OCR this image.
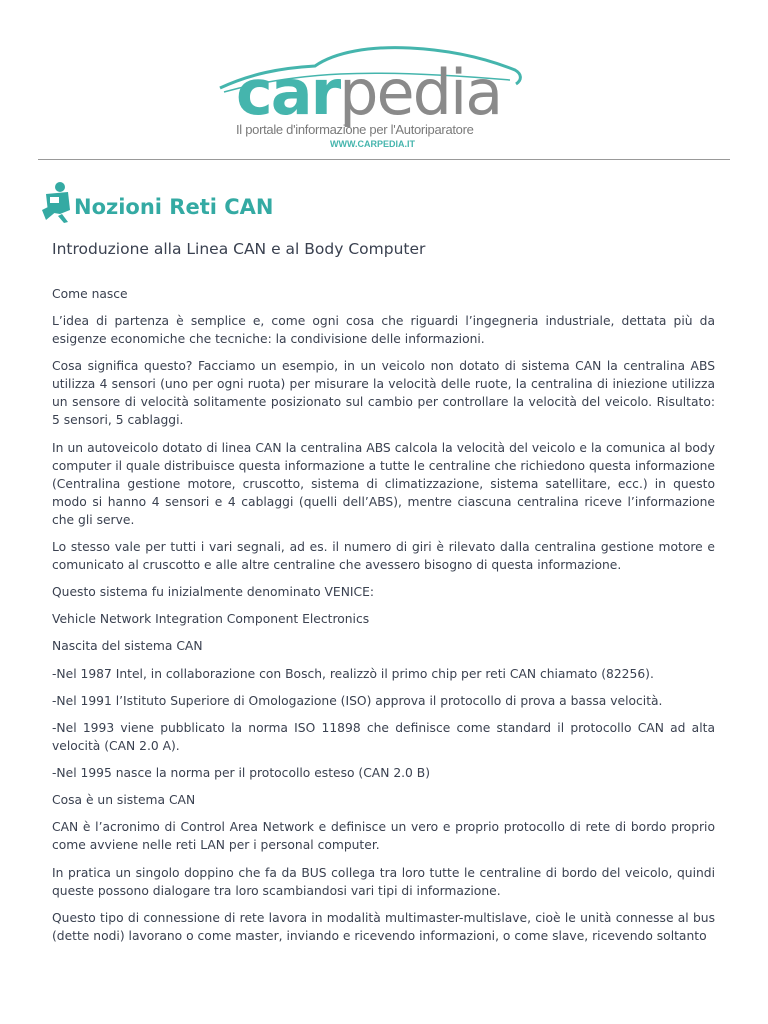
carpedia
Il portale d'informazione per l'Autoriparatore
WWW.CARPEDIA.IT
Nozioni Reti CAN
Introduzione alla Linea CAN e al Body Computer

Come nasce

L’idea di partenza è semplice e, come ogni cosa che riguardi l’ingegneria industriale, dettata più da esigenze economiche che tecniche: la condivisione delle informazioni.

Cosa significa questo? Facciamo un esempio, in un veicolo non dotato di sistema CAN la centralina ABS utilizza 4 sensori (uno per ogni ruota) per misurare la velocità delle ruote, la centralina di iniezione utilizza un sensore di velocità solitamente posizionato sul cambio per controllare la velocità del veicolo. Risultato: 5 sensori, 5 cablaggi.

In un autoveicolo dotato di linea CAN la centralina ABS calcola la velocità del veicolo e la comunica al body computer il quale distribuisce questa informazione a tutte le centraline che richiedono questa informazione (Centralina gestione motore, cruscotto, sistema di climatizzazione, sistema satellitare, ecc.) in questo modo si hanno 4 sensori e 4 cablaggi (quelli dell’ABS), mentre ciascuna centralina riceve l’informazione che gli serve.

Lo stesso vale per tutti i vari segnali, ad es. il numero di giri è rilevato dalla centralina gestione motore e comunicato al cruscotto e alle altre centraline che avessero bisogno di questa informazione.

Questo sistema fu inizialmente denominato VENICE:

Vehicle Network Integration Component Electronics

Nascita del sistema CAN

-Nel 1987 Intel, in collaborazione con Bosch, realizzò il primo chip per reti CAN chiamato (82256).

-Nel 1991 l’Istituto Superiore di Omologazione (ISO) approva il protocollo di prova a bassa velocità.

-Nel 1993 viene pubblicato la norma ISO 11898 che definisce come standard il protocollo CAN ad alta velocità (CAN 2.0 A).

-Nel 1995 nasce la norma per il protocollo esteso (CAN 2.0 B)

Cosa è un sistema CAN

CAN è l’acronimo di Control Area Network e definisce un vero e proprio protocollo di rete di bordo proprio come avviene nelle reti LAN per i personal computer.

In pratica un singolo doppino che fa da BUS collega tra loro tutte le centraline di bordo del veicolo, quindi queste possono dialogare tra loro scambiandosi vari tipi di informazione.

Questo tipo di connessione di rete lavora in modalità multimaster-multislave, cioè le unità connesse al bus (dette nodi) lavorano o come master, inviando e ricevendo informazioni, o come slave, ricevendo soltanto
